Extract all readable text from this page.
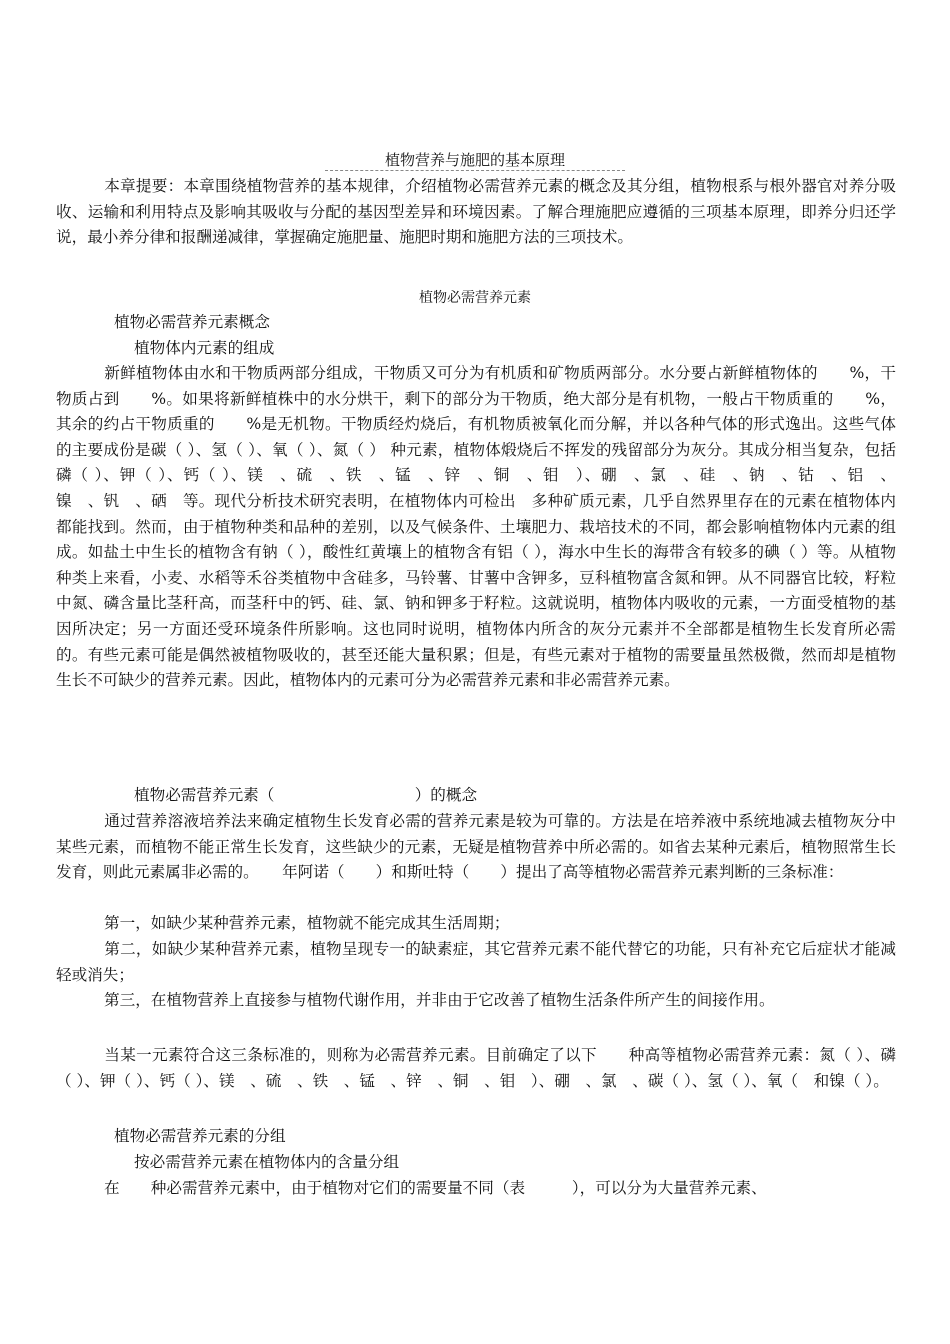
植物营养与施肥的基本原理
本章提要：本章围绕植物营养的基本规律，介绍植物必需营养元素的概念及其分组，植物根系与根外器官对养分吸收、运输和利用特点及影响其吸收与分配的基因型差异和环境因素。了解合理施肥应遵循的三项基本原理，即养分归还学说，最小养分律和报酬递减律，掌握确定施肥量、施肥时期和施肥方法的三项技术。
植物必需营养元素
植物必需营养元素概念
植物体内元素的组成
新鲜植物体由水和干物质两部分组成，干物质又可分为有机质和矿物质两部分。水分要占新鲜植物体的　　%，干物质占到　　%。如果将新鲜植株中的水分烘干，剩下的部分为干物质，绝大部分是有机物，一般占干物质重的　　%，其余的约占干物质重的　　%是无机物。干物质经灼烧后，有机物质被氧化而分解，并以各种气体的形式逸出。这些气体的主要成份是碳（ ）、氢（ ）、氧（ ）、氮（ ） 种元素，植物体煅烧后不挥发的残留部分为灰分。其成分相当复杂，包括磷（ ）、钾（ ）、钙（ ）、镁　、硫　、铁　、锰　、锌　、铜　、钼　）、硼　、氯　、硅　、钠　、钴　、铝　、镍　、钒　、硒　等。现代分析技术研究表明，在植物体内可检出　多种矿质元素，几乎自然界里存在的元素在植物体内都能找到。然而，由于植物种类和品种的差别，以及气候条件、土壤肥力、栽培技术的不同，都会影响植物体内元素的组成。如盐土中生长的植物含有钠（ ），酸性红黄壤上的植物含有铝（ ），海水中生长的海带含有较多的碘（ ）等。从植物种类上来看，小麦、水稻等禾谷类植物中含硅多，马铃薯、甘薯中含钾多，豆科植物富含氮和钾。从不同器官比较，籽粒中氮、磷含量比茎秆高，而茎秆中的钙、硅、氯、钠和钾多于籽粒。这就说明，植物体内吸收的元素，一方面受植物的基因所决定；另一方面还受环境条件所影响。这也同时说明，植物体内所含的灰分元素并不全部都是植物生长发育所必需的。有些元素可能是偶然被植物吸收的，甚至还能大量积累；但是，有些元素对于植物的需要量虽然极微，然而却是植物生长不可缺少的营养元素。因此，植物体内的元素可分为必需营养元素和非必需营养元素。
植物必需营养元素（　　　　　　　　　）的概念
通过营养溶液培养法来确定植物生长发育必需的营养元素是较为可靠的。方法是在培养液中系统地减去植物灰分中某些元素，而植物不能正常生长发育，这些缺少的元素，无疑是植物营养中所必需的。如省去某种元素后，植物照常生长发育，则此元素属非必需的。　　年阿诺（　　）和斯吐特（　　）提出了高等植物必需营养元素判断的三条标准：
第一，如缺少某种营养元素，植物就不能完成其生活周期；
第二，如缺少某种营养元素，植物呈现专一的缺素症，其它营养元素不能代替它的功能，只有补充它后症状才能减轻或消失；
第三，在植物营养上直接参与植物代谢作用，并非由于它改善了植物生活条件所产生的间接作用。
当某一元素符合这三条标准的，则称为必需营养元素。目前确定了以下　　种高等植物必需营养元素：氮（ ）、磷（ ）、钾（ ）、钙（ ）、镁　、硫　、铁　、锰　、锌　、铜　、钼　）、硼　、氯　、碳（ ）、氢（ ）、氧（　和镍（ ）。
植物必需营养元素的分组
按必需营养元素在植物体内的含量分组
在　　种必需营养元素中，由于植物对它们的需要量不同（表　　　），可以分为大量营养元素、
